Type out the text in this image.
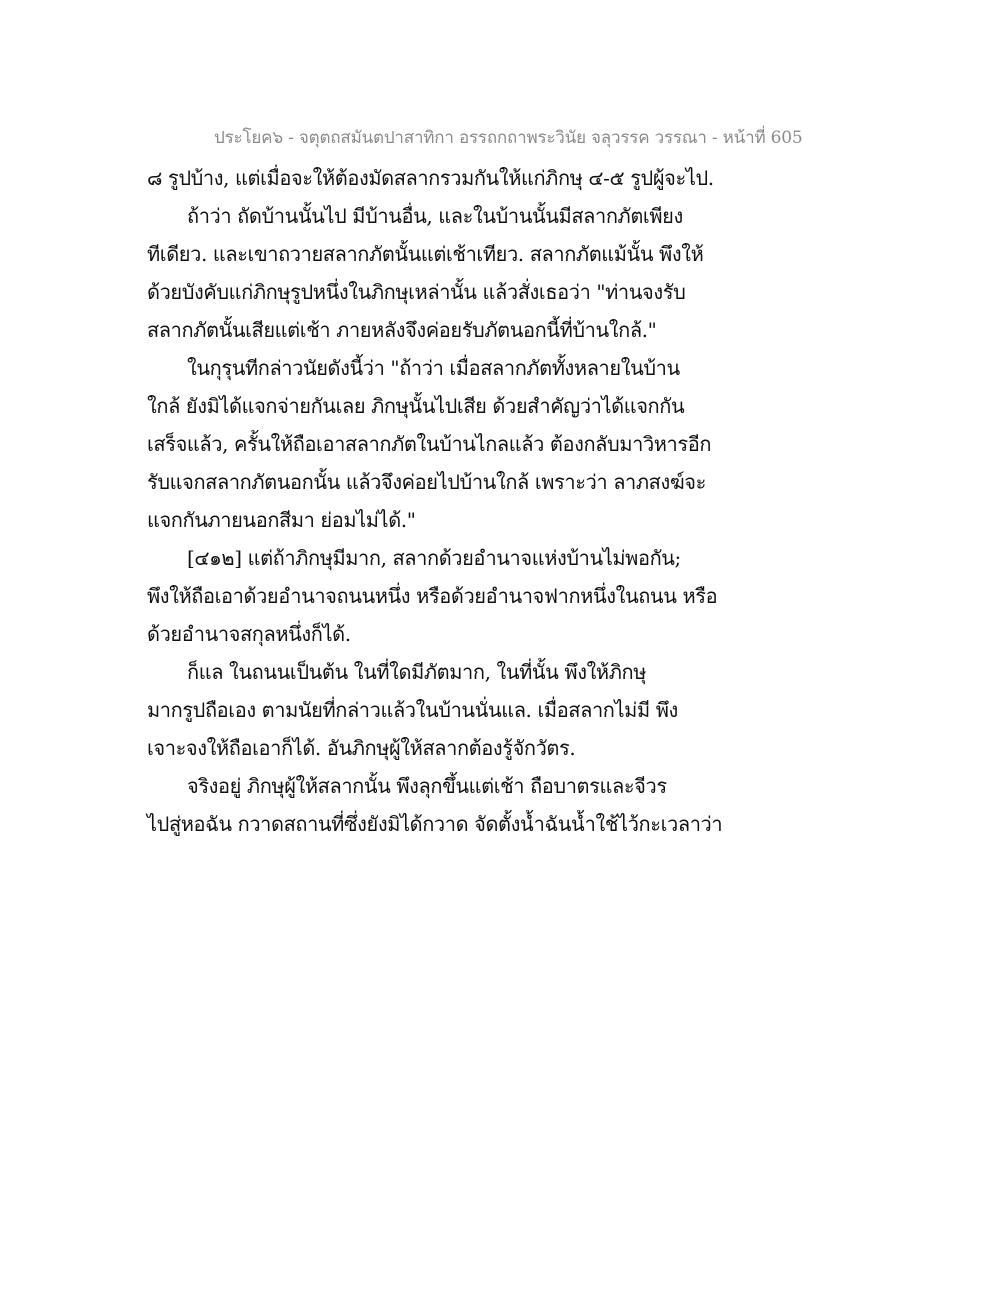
ประโยค๖ - จตุตถสมันตปาสาทิกา อรรถกถาพระวินัย จลุวรรค วรรณา - หน้าที่ 605
๘ รูปบ้าง, แต่เมื่อจะให้ต้องมัดสลากรวมกันให้แก่ภิกษุ ๔-๕ รูปผู้จะไป.
ถ้าว่า ถัดบ้านนั้นไป มีบ้านอื่น, และในบ้านนั้นมีสลากภัตเพียง
ทีเดียว. และเขาถวายสลากภัตนั้นแต่เช้าเทียว. สลากภัตแม้นั้น พึงให้
ด้วยบังคับแก่ภิกษุรูปหนึ่งในภิกษุเหล่านั้น แล้วสั่งเธอว่า "ท่านจงรับ
สลากภัตนั้นเสียแต่เช้า ภายหลังจึงค่อยรับภัตนอกนี้ที่บ้านใกล้."
ในกุรุนทีกล่าวนัยดังนี้ว่า "ถ้าว่า เมื่อสลากภัตทั้งหลายในบ้าน
ใกล้ ยังมิได้แจกจ่ายกันเลย ภิกษุนั้นไปเสีย ด้วยสำคัญว่าได้แจกกัน
เสร็จแล้ว, ครั้นให้ถือเอาสลากภัตในบ้านไกลแล้ว ต้องกลับมาวิหารอีก
รับแจกสลากภัตนอกนั้น แล้วจึงค่อยไปบ้านใกล้ เพราะว่า ลาภสงฆ์จะ
แจกกันภายนอกสีมา ย่อมไม่ได้."
[๔๑๒] แต่ถ้าภิกษุมีมาก, สลากด้วยอำนาจแห่งบ้านไม่พอกัน;
พึงให้ถือเอาด้วยอำนาจถนนหนึ่ง หรือด้วยอำนาจฟากหนึ่งในถนน หรือ
ด้วยอำนาจสกุลหนึ่งก็ได้.
ก็แล ในถนนเป็นต้น ในที่ใดมีภัตมาก, ในที่นั้น พึงให้ภิกษุ
มากรูปถือเอง ตามนัยที่กล่าวแล้วในบ้านนั่นแล. เมื่อสลากไม่มี พึง
เจาะจงให้ถือเอาก็ได้. อันภิกษุผู้ให้สลากต้องรู้จักวัตร.
จริงอยู่ ภิกษุผู้ให้สลากนั้น พึงลุกขึ้นแต่เช้า ถือบาตรและจีวร
ไปสู่หอฉัน กวาดสถานที่ซึ่งยังมิได้กวาด จัดตั้งน้ำฉันน้ำใช้ไว้กะเวลาว่า
